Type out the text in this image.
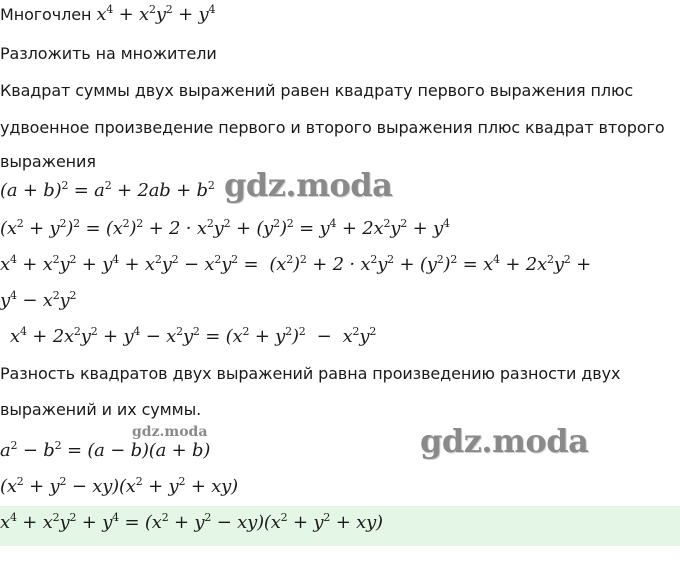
Многочлен $x^4 + x^2y^2 + y^4$
Разложить на множители
Квадрат суммы двух выражений равен квадрату первого выражения плюс
удвоенное произведение первого и второго выражения плюс квадрат второго
выражения
$(a + b)^2 = a^2 + 2ab + b^2$
$(x^2 + y^2)^2 = (x^2)^2 + 2 \cdot x^2y^2 + (y^2)^2 = y^4 + 2x^2y^2 + y^4$
$x^4 + x^2y^2 + y^4 + x^2y^2 - x^2y^2 = (x^2)^2 + 2 \cdot x^2y^2 + (y^2)^2 = x^4 + 2x^2y^2$ +
$y^4 - x^2y^2$
$x^4 + 2x^2y^2 + y^4 - x^2y^2 = (x^2 + y^2)^2 - x^2y^2$
Разность квадратов двух выражений равна произведению разности двух
выражений и их суммы.
$a^2 - b^2 = (a - b)(a + b)$
$(x^2 + y^2 - xy)(x^2 + y^2 + xy)$
$x^4 + x^2y^2 + y^4 = (x^2 + y^2 - xy)(x^2 + y^2 + xy)$
gdz.moda
gdz.moda	gdz.moda
